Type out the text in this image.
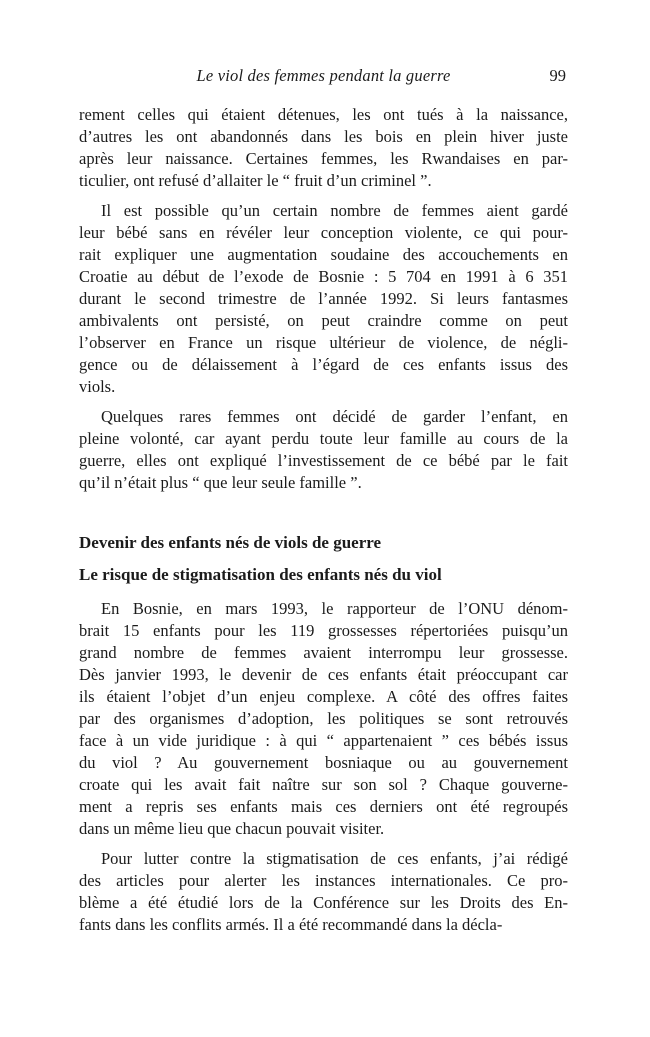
Le viol des femmes pendant la guerre	99
rement celles qui étaient détenues, les ont tués à la naissance,
d’autres les ont abandonnés dans les bois en plein hiver juste
après leur naissance. Certaines femmes, les Rwandaises en par-
ticulier, ont refusé d’allaiter le “ fruit d’un criminel ”.
Il est possible qu’un certain nombre de femmes aient gardé
leur bébé sans en révéler leur conception violente, ce qui pour-
rait expliquer une augmentation soudaine des accouchements en
Croatie au début de l’exode de Bosnie : 5 704 en 1991 à 6 351
durant le second trimestre de l’année 1992. Si leurs fantasmes
ambivalents ont persisté, on peut craindre comme on peut
l’observer en France un risque ultérieur de violence, de négli-
gence ou de délaissement à l’égard de ces enfants issus des
viols.
Quelques rares femmes ont décidé de garder l’enfant, en
pleine volonté, car ayant perdu toute leur famille au cours de la
guerre, elles ont expliqué l’investissement de ce bébé par le fait
qu’il n’était plus “ que leur seule famille ”.
Devenir des enfants nés de viols de guerre
Le risque de stigmatisation des enfants nés du viol
En Bosnie, en mars 1993, le rapporteur de l’ONU dénom-
brait 15 enfants pour les 119 grossesses répertoriées puisqu’un
grand nombre de femmes avaient interrompu leur grossesse.
Dès janvier 1993, le devenir de ces enfants était préoccupant car
ils étaient l’objet d’un enjeu complexe. A côté des offres faites
par des organismes d’adoption, les politiques se sont retrouvés
face à un vide juridique : à qui “ appartenaient ” ces bébés issus
du viol ? Au gouvernement bosniaque ou au gouvernement
croate qui les avait fait naître sur son sol ? Chaque gouverne-
ment a repris ses enfants mais ces derniers ont été regroupés
dans un même lieu que chacun pouvait visiter.
Pour lutter contre la stigmatisation de ces enfants, j’ai rédigé
des articles pour alerter les instances internationales. Ce pro-
blème a été étudié lors de la Conférence sur les Droits des En-
fants dans les conflits armés. Il a été recommandé dans la décla-
